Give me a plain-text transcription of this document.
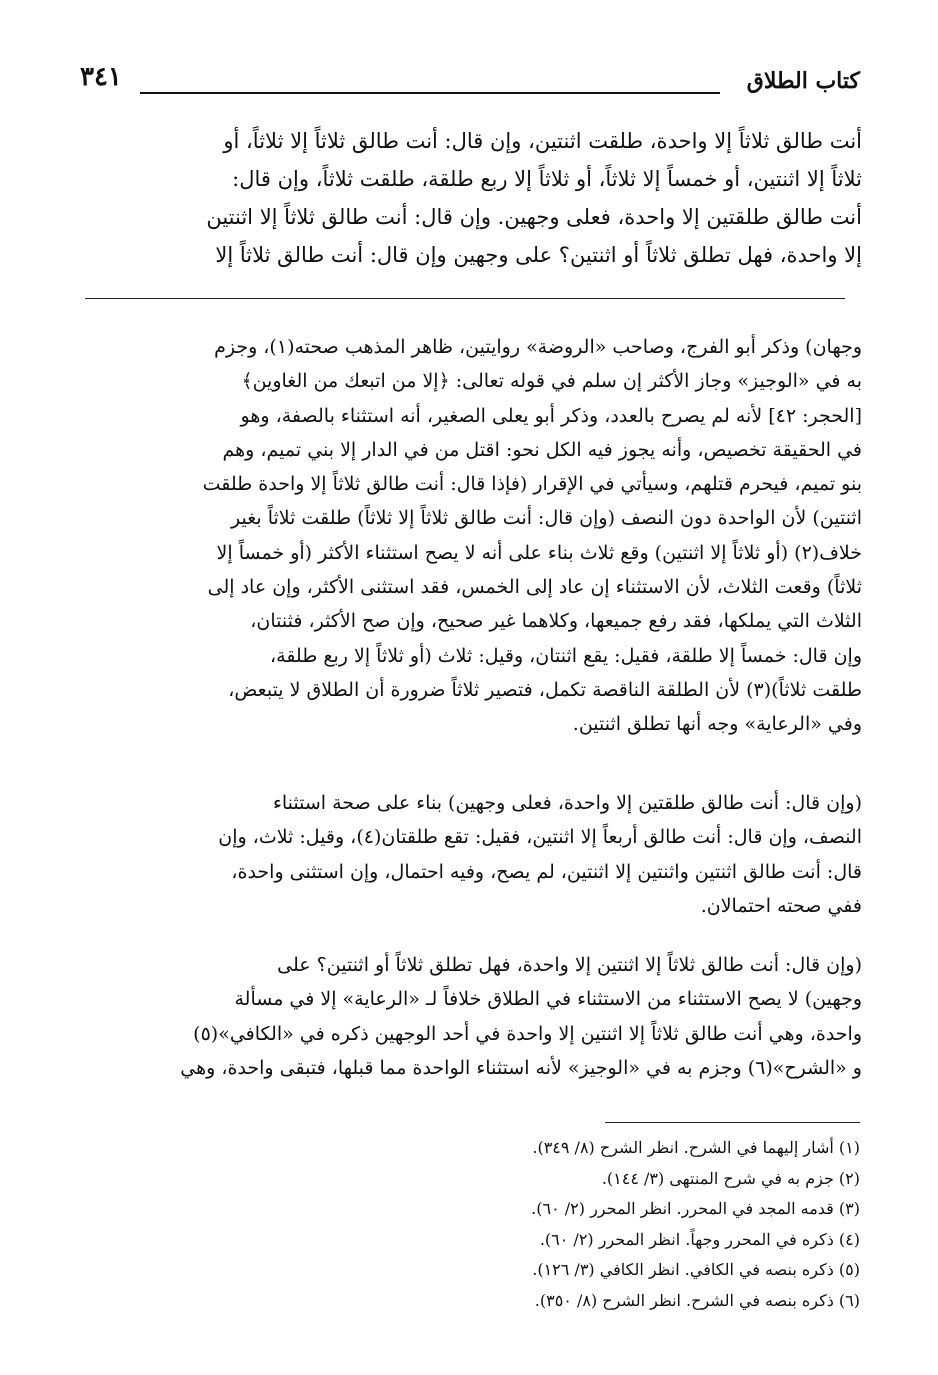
كتاب الطلاق
٣٤١
أنت طالق ثلاثاً إلا واحدة، طلقت اثنتين، وإن قال: أنت طالق ثلاثاً إلا ثلاثاً، أو
ثلاثاً إلا اثنتين، أو خمساً إلا ثلاثاً، أو ثلاثاً إلا ربع طلقة، طلقت ثلاثاً، وإن قال:
أنت طالق طلقتين إلا واحدة، فعلى وجهين. وإن قال: أنت طالق ثلاثاً إلا اثنتين
إلا واحدة، فهل تطلق ثلاثاً أو اثنتين؟ على وجهين وإن قال: أنت طالق ثلاثاً إلا
وجهان) وذكر أبو الفرج، وصاحب «الروضة» روايتين، ظاهر المذهب صحته(١)، وجزم
به في «الوجيز» وجاز الأكثر إن سلم في قوله تعالى: ﴿إلا من اتبعك من الغاوين﴾
[الحجر: ٤٢] لأنه لم يصرح بالعدد، وذكر أبو يعلى الصغير، أنه استثناء بالصفة، وهو
في الحقيقة تخصيص، وأنه يجوز فيه الكل نحو: اقتل من في الدار إلا بني تميم، وهم
بنو تميم، فيحرم قتلهم، وسيأتي في الإقرار (فإذا قال: أنت طالق ثلاثاً إلا واحدة طلقت
اثنتين) لأن الواحدة دون النصف (وإن قال: أنت طالق ثلاثاً إلا ثلاثاً) طلقت ثلاثاً بغير
خلاف(٢) (أو ثلاثاً إلا اثنتين) وقع ثلاث بناء على أنه لا يصح استثناء الأكثر (أو خمساً إلا
ثلاثاً) وقعت الثلاث، لأن الاستثناء إن عاد إلى الخمس، فقد استثنى الأكثر، وإن عاد إلى
الثلاث التي يملكها، فقد رفع جميعها، وكلاهما غير صحيح، وإن صح الأكثر، فثنتان،
وإن قال: خمساً إلا طلقة، فقيل: يقع اثنتان، وقيل: ثلاث (أو ثلاثاً إلا ربع طلقة،
طلقت ثلاثاً)(٣) لأن الطلقة الناقصة تكمل، فتصير ثلاثاً ضرورة أن الطلاق لا يتبعض،
وفي «الرعاية» وجه أنها تطلق اثنتين.
(وإن قال: أنت طالق طلقتين إلا واحدة، فعلى وجهين) بناء على صحة استثناء
النصف، وإن قال: أنت طالق أربعاً إلا اثنتين، فقيل: تقع طلقتان(٤)، وقيل: ثلاث، وإن
قال: أنت طالق اثنتين واثنتين إلا اثنتين، لم يصح، وفيه احتمال، وإن استثنى واحدة،
ففي صحته احتمالان.
(وإن قال: أنت طالق ثلاثاً إلا اثنتين إلا واحدة، فهل تطلق ثلاثاً أو اثنتين؟ على
وجهين) لا يصح الاستثناء من الاستثناء في الطلاق خلافاً لـ «الرعاية» إلا في مسألة
واحدة، وهي أنت طالق ثلاثاً إلا اثنتين إلا واحدة في أحد الوجهين ذكره في «الكافي»(٥)
و «الشرح»(٦) وجزم به في «الوجيز» لأنه استثناء الواحدة مما قبلها، فتبقى واحدة، وهي
(١) أشار إليهما في الشرح. انظر الشرح (٨/ ٣٤٩).
(٢) جزم به في شرح المنتهى (٣/ ١٤٤).
(٣) قدمه المجد في المحرر. انظر المحرر (٢/ ٦٠).
(٤) ذكره في المحرر وجهاً. انظر المحرر (٢/ ٦٠).
(٥) ذكره بنصه في الكافي. انظر الكافي (٣/ ١٢٦).
(٦) ذكره بنصه في الشرح. انظر الشرح (٨/ ٣٥٠).
